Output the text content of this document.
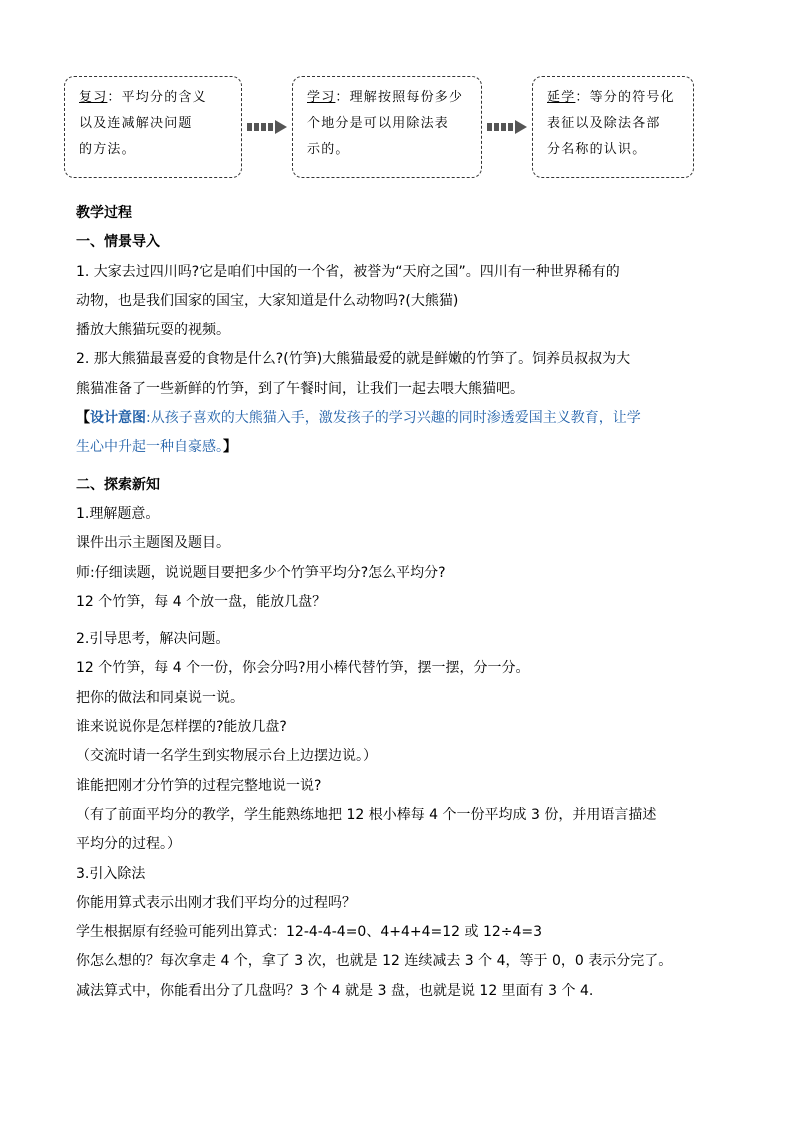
复习：平均分的含义
以及连减解决问题
的方法。
学习：理解按照每份多少
个地分是可以用除法表
示的。
延学：等分的符号化
表征以及除法各部
分名称的认识。
教学过程
一、情景导入
1. 大家去过四川吗?它是咱们中国的一个省，被誉为“天府之国”。四川有一种世界稀有的
动物，也是我们国家的国宝，大家知道是什么动物吗?(大熊猫)
播放大熊猫玩耍的视频。
2. 那大熊猫最喜爱的食物是什么?(竹笋)大熊猫最爱的就是鲜嫩的竹笋了。饲养员叔叔为大
熊猫准备了一些新鲜的竹笋，到了午餐时间，让我们一起去喂大熊猫吧。
【设计意图:从孩子喜欢的大熊猫入手，激发孩子的学习兴趣的同时渗透爱国主义教育，让学
生心中升起一种自豪感。】
二、探索新知
1.理解题意。
课件出示主题图及题目。
师:仔细读题，说说题目要把多少个竹笋平均分?怎么平均分?
12 个竹笋，每 4 个放一盘，能放几盘？
2.引导思考，解决问题。
12 个竹笋，每 4 个一份，你会分吗?用小棒代替竹笋，摆一摆，分一分。
把你的做法和同桌说一说。
谁来说说你是怎样摆的?能放几盘?
（交流时请一名学生到实物展示台上边摆边说。）
谁能把刚才分竹笋的过程完整地说一说?
（有了前面平均分的教学，学生能熟练地把 12 根小棒每 4 个一份平均成 3 份，并用语言描述
平均分的过程。）
3.引入除法
你能用算式表示出刚才我们平均分的过程吗？
学生根据原有经验可能列出算式：12-4-4-4=0、4+4+4=12 或 12÷4=3
你怎么想的？每次拿走 4 个，拿了 3 次，也就是 12 连续减去 3 个 4，等于 0，0 表示分完了。
减法算式中，你能看出分了几盘吗？3 个 4 就是 3 盘，也就是说 12 里面有 3 个 4.
